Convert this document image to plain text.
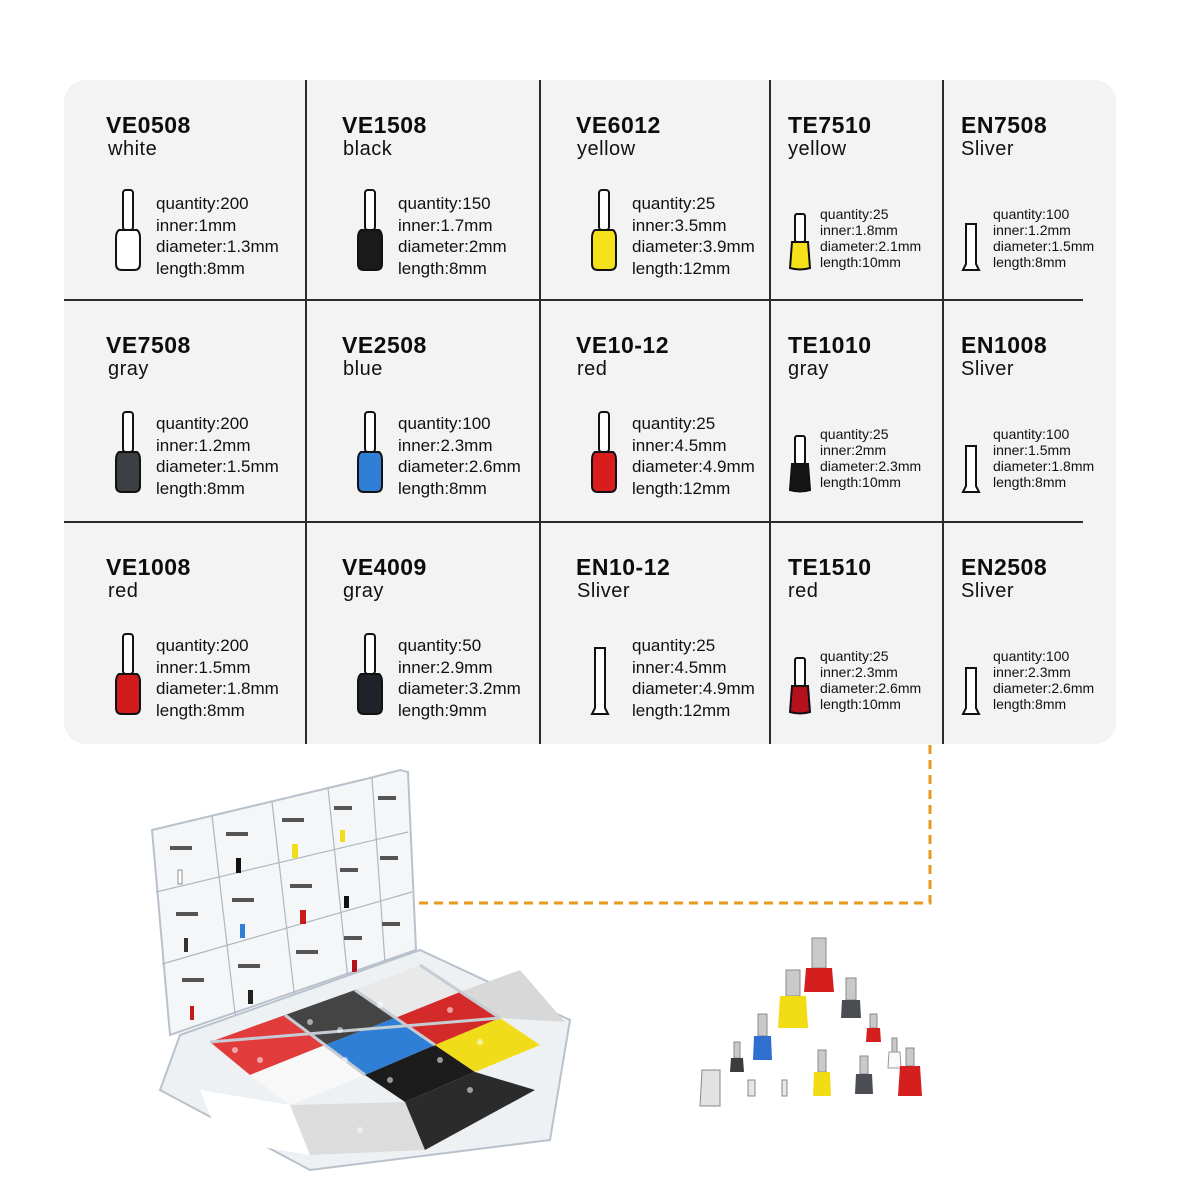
VE0508
white
quantity:200
inner:1mm
diameter:1.3mm
length:8mm
VE1508
black
quantity:150
inner:1.7mm
diameter:2mm
length:8mm
VE6012
yellow
quantity:25
inner:3.5mm
diameter:3.9mm
length:12mm
TE7510
yellow
quantity:25
inner:1.8mm
diameter:2.1mm
length:10mm
EN7508
Sliver
quantity:100
inner:1.2mm
diameter:1.5mm
length:8mm
VE7508
gray
quantity:200
inner:1.2mm
diameter:1.5mm
length:8mm
VE2508
blue
quantity:100
inner:2.3mm
diameter:2.6mm
length:8mm
VE10-12
red
quantity:25
inner:4.5mm
diameter:4.9mm
length:12mm
TE1010
gray
quantity:25
inner:2mm
diameter:2.3mm
length:10mm
EN1008
Sliver
quantity:100
inner:1.5mm
diameter:1.8mm
length:8mm
VE1008
red
quantity:200
inner:1.5mm
diameter:1.8mm
length:8mm
VE4009
gray
quantity:50
inner:2.9mm
diameter:3.2mm
length:9mm
EN10-12
Sliver
quantity:25
inner:4.5mm
diameter:4.9mm
length:12mm
TE1510
red
quantity:25
inner:2.3mm
diameter:2.6mm
length:10mm
EN2508
Sliver
quantity:100
inner:2.3mm
diameter:2.6mm
length:8mm
